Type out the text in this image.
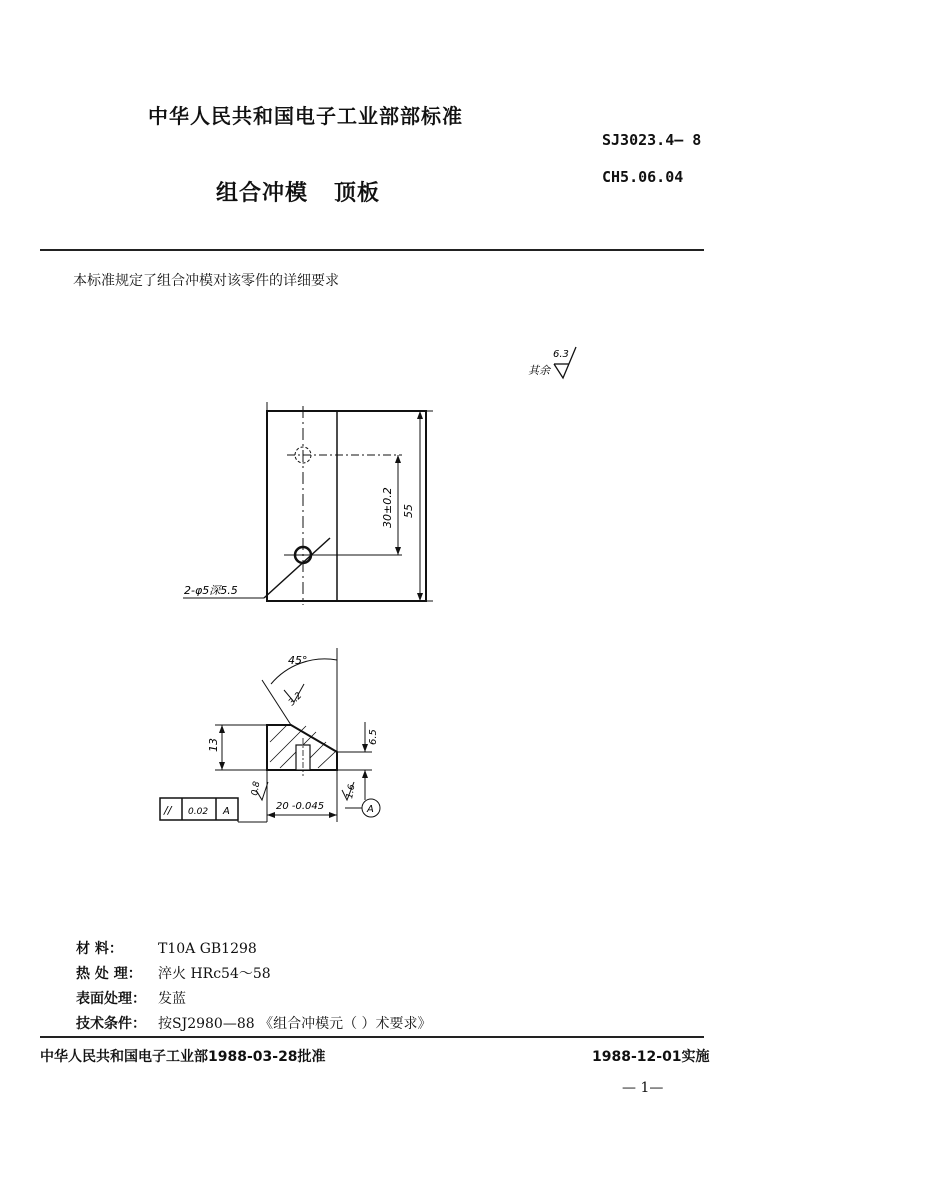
中华人民共和国电子工业部部标准
SJ3023.4— 8
CH5.06.04
组合冲模   顶板
本标准规定了组合冲模对该零件的详细要求
其余
6.3
2-φ5深5.5
30±0.2 55
45°
3.2
13	6.5
20 -0.045
0.8	1.6
A
// 0.02 A
材 料：	T10A GB1298
热 处 理： 淬火 HRc54～58
表面处理： 发蓝
技术条件： 按SJ2980—88 《组合冲模元（ ）术要求》
中华人民共和国电子工业部1988-03-28批准	1988-12-01实施
— 1—
